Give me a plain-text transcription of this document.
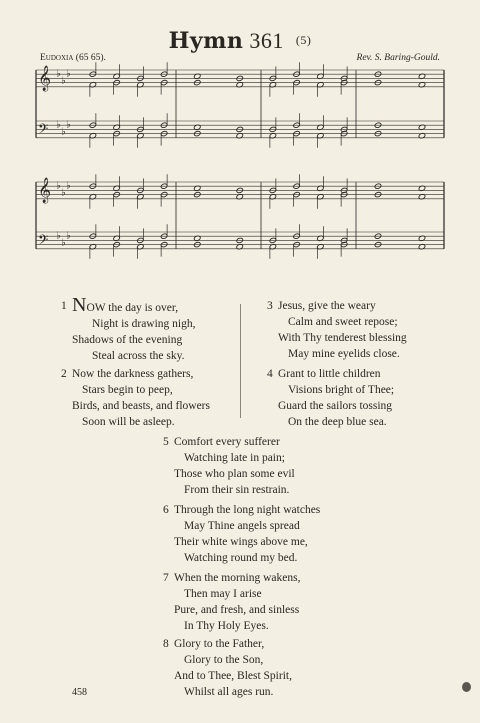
Hymn 361 (5)
Eudoxia (65 65).	Rev. S. Baring-Gould.
𝄞 ♭
♭
♭
𝄢 ♭
♭
♭
𝄞 ♭
♭
♭
𝄢 ♭
♭
♭
1 NOW the day is over,
Night is drawing nigh,
Shadows of the evening
Steal across the sky.
2 Now the darkness gathers,
Stars begin to peep,
Birds, and beasts, and flowers
Soon will be asleep.
3 Jesus, give the weary
Calm and sweet repose;
With Thy tenderest blessing
May mine eyelids close.
4 Grant to little children
Visions bright of Thee;
Guard the sailors tossing
On the deep blue sea.
5 Comfort every sufferer
Watching late in pain;
Those who plan some evil
From their sin restrain.
6 Through the long night watches
May Thine angels spread
Their white wings above me,
Watching round my bed.
7 When the morning wakens,
Then may I arise
Pure, and fresh, and sinless
In Thy Holy Eyes.
8 Glory to the Father,
Glory to the Son,
And to Thee, Blest Spirit,
Whilst all ages run.
458
